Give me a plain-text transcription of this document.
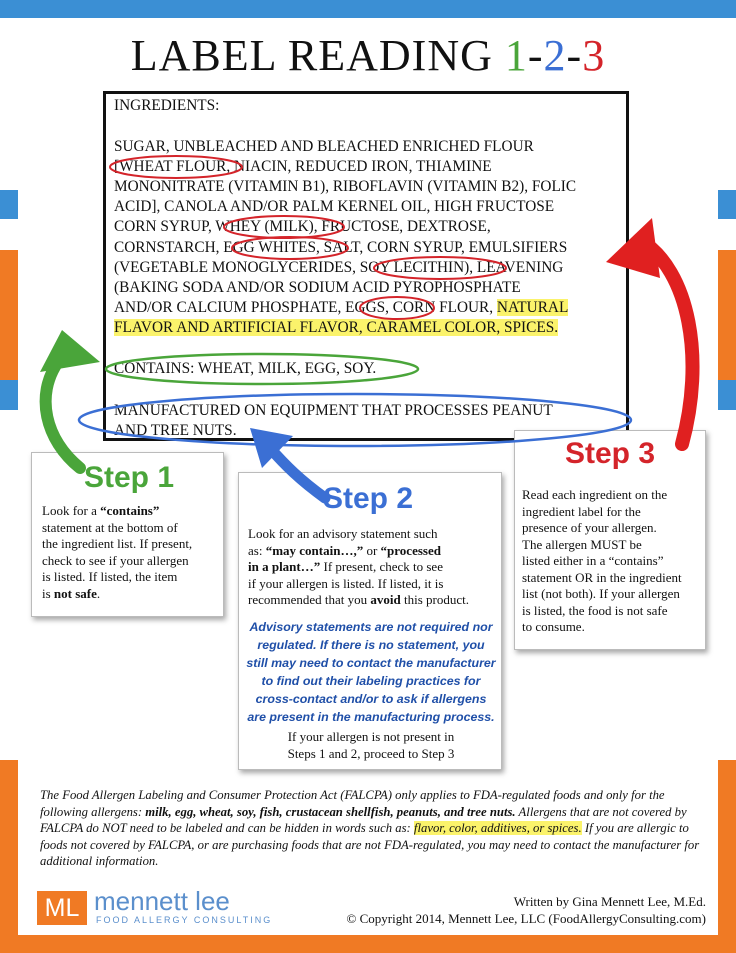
LABEL READING 1-2-3
INGREDIENTS:
SUGAR, UNBLEACHED AND BLEACHED ENRICHED FLOUR
[WHEAT FLOUR, NIACIN, REDUCED IRON, THIAMINE
MONONITRATE (VITAMIN B1), RIBOFLAVIN (VITAMIN B2), FOLIC
ACID], CANOLA AND/OR PALM KERNEL OIL, HIGH FRUCTOSE
CORN SYRUP, WHEY (MILK), FRUCTOSE, DEXTROSE,
CORNSTARCH, EGG WHITES, SALT, CORN SYRUP, EMULSIFIERS
(VEGETABLE MONOGLYCERIDES, SOY LECITHIN), LEAVENING
(BAKING SODA AND/OR SODIUM ACID PYROPHOSPHATE
AND/OR CALCIUM PHOSPHATE, EGGS, CORN FLOUR, NATURAL
FLAVOR AND ARTIFICIAL FLAVOR, CARAMEL COLOR, SPICES.
CONTAINS: WHEAT, MILK, EGG, SOY.
MANUFACTURED ON EQUIPMENT THAT PROCESSES PEANUT
AND TREE NUTS.
Step 1
Look for a “contains”
statement at the bottom of
the ingredient list. If present,
check to see if your allergen
is listed. If listed, the item
is not safe.
Step 2
Look for an advisory statement such
as: “may contain…,” or “processed
in a plant…” If present, check to see
if your allergen is listed. If listed, it is
recommended that you avoid this product.
Advisory statements are not required nor
regulated. If there is no statement, you
still may need to contact the manufacturer
to find out their labeling practices for
cross-contact and/or to ask if allergens
are present in the manufacturing process.
If your allergen is not present in
Steps 1 and 2, proceed to Step 3
Step 3
Read each ingredient on the
ingredient label for the
presence of your allergen.
The allergen MUST be
listed either in a “contains”
statement OR in the ingredient
list (not both). If your allergen
is listed, the food is not safe
to consume.
The Food Allergen Labeling and Consumer Protection Act (FALCPA) only applies to FDA-regulated foods and only for the following allergens: milk, egg, wheat, soy, fish, crustacean shellfish, peanuts, and tree nuts. Allergens that are not covered by FALCPA do NOT need to be labeled and can be hidden in words such as: flavor, color, additives, or spices. If you are allergic to foods not covered by FALCPA, or are purchasing foods that are not FDA-regulated, you may need to contact the manufacturer for additional information.
ML mennett lee
FOOD ALLERGY CONSULTING
Written by Gina Mennett Lee, M.Ed.
© Copyright 2014, Mennett Lee, LLC (FoodAllergyConsulting.com)
